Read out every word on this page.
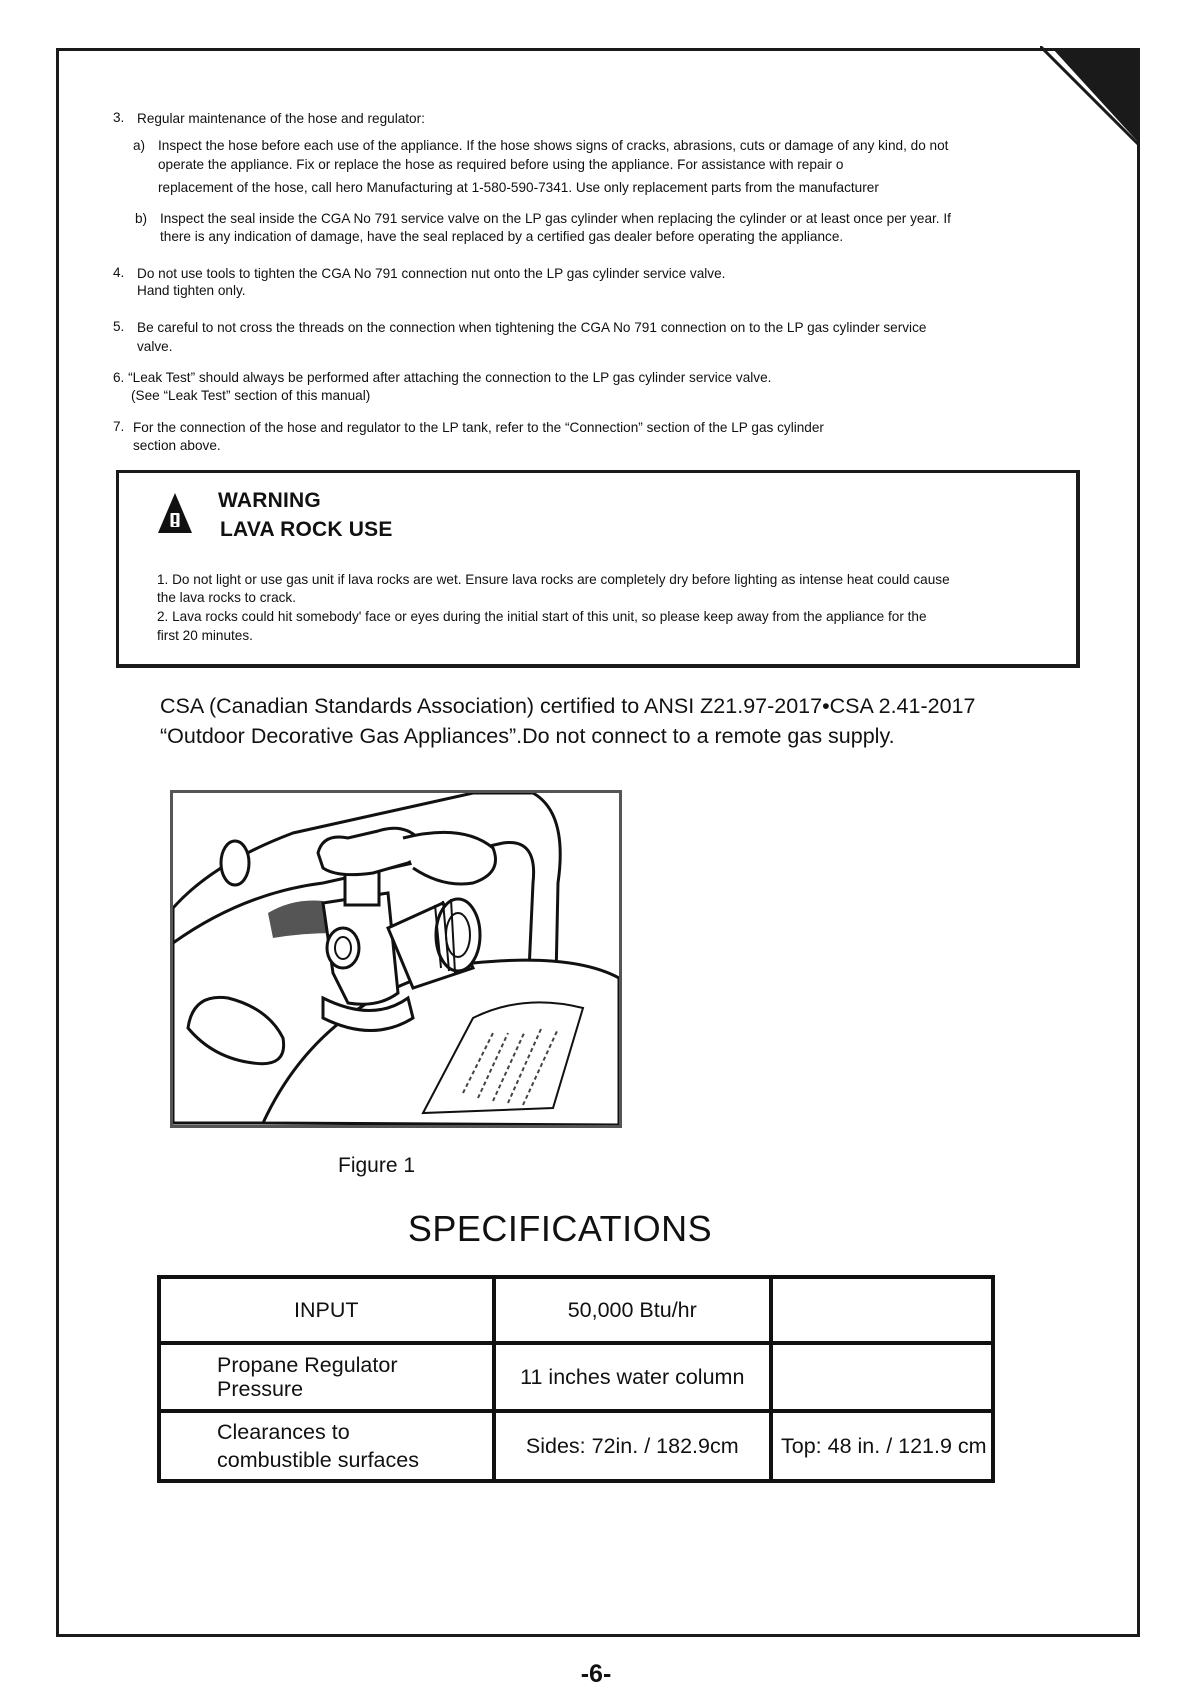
3. Regular maintenance of the hose and regulator:
a) Inspect the hose before each use of the appliance. If the hose shows signs of cracks, abrasions, cuts or damage of any kind, do not
operate the appliance. Fix or replace the hose as required before using the appliance. For assistance with repair o
replacement of the hose, call hero Manufacturing at 1-580-590-7341. Use only replacement parts from the manufacturer
b) Inspect the seal inside the CGA No 791 service valve on the LP gas cylinder when replacing the cylinder or at least once per year. If
there is any indication of damage, have the seal replaced by a certified gas dealer before operating the appliance.
4. Do not use tools to tighten the CGA No 791 connection nut onto the LP gas cylinder service valve.
Hand tighten only.
5. Be careful to not cross the threads on the connection when tightening the CGA No 791 connection on to the LP gas cylinder service
valve.
6. “Leak Test” should always be performed after attaching the connection to the LP gas cylinder service valve.
(See “Leak Test” section of this manual)
7. For the connection of the hose and regulator to the LP tank, refer to the “Connection” section of the LP gas cylinder
section above.
WARNING
LAVA ROCK USE
1. Do not light or use gas unit if lava rocks are wet. Ensure lava rocks are completely dry before lighting as intense heat could cause
the lava rocks to crack.
2. Lava rocks could hit somebody' face or eyes during the initial start of this unit, so please keep away from the appliance for the
first 20 minutes.
CSA (Canadian Standards Association) certified to ANSI Z21.97-2017•CSA 2.41-2017
“Outdoor Decorative Gas Appliances”.Do not connect to a remote gas supply.
Figure 1
SPECIFICATIONS
INPUT	50,000 Btu/hr	

Propane Regulator
Pressure	11 inches water column	

Clearances to
combustible surfaces	Sides: 72in. / 182.9cm	Top: 48 in. / 121.9 cm
-6-
